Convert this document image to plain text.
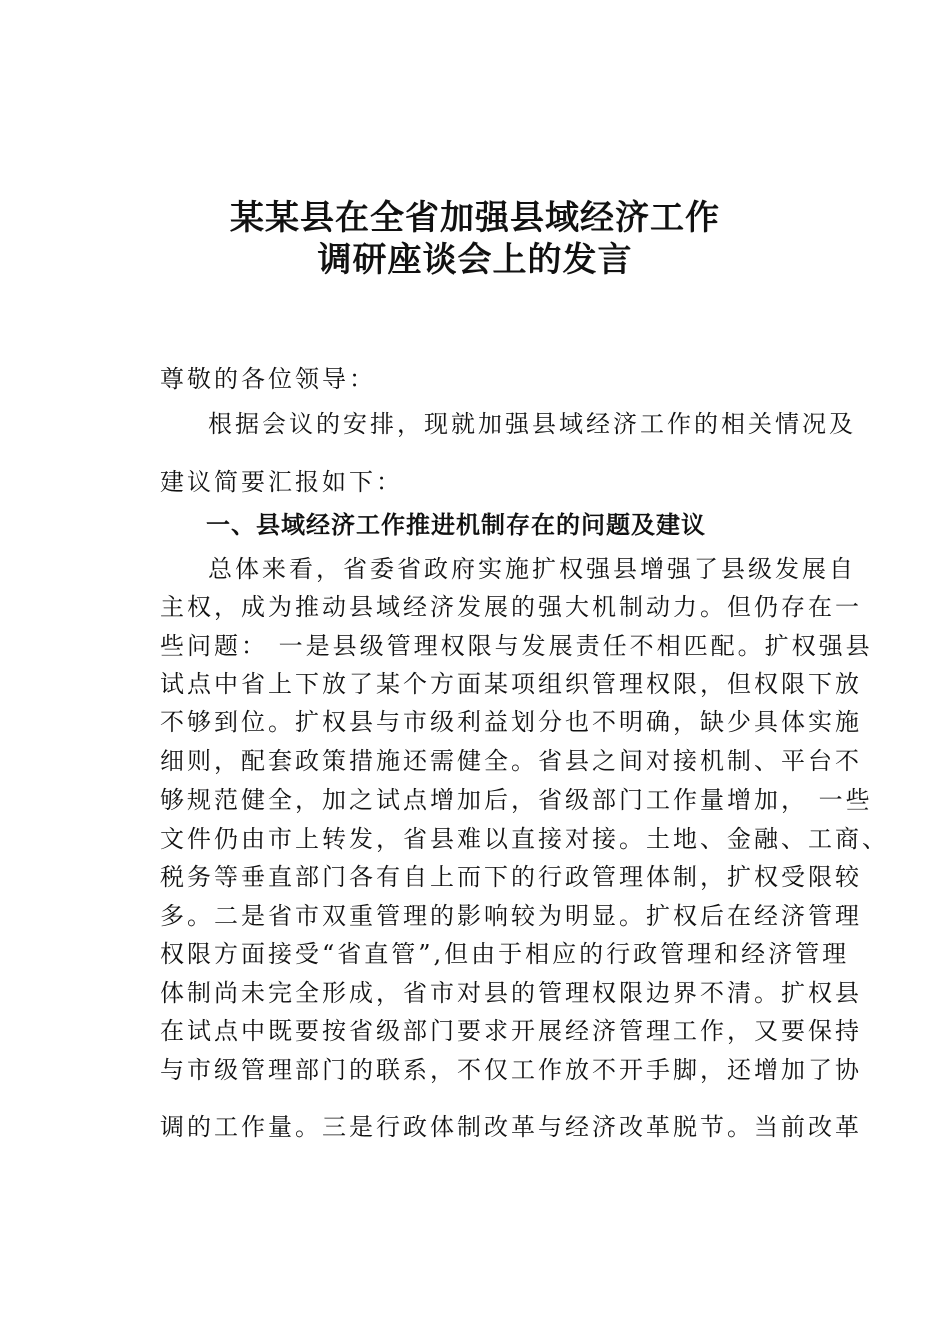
某某县在全省加强县域经济工作
调研座谈会上的发言
尊敬的各位领导：
根据会议的安排，现就加强县域经济工作的相关情况及
建议简要汇报如下：
一、县域经济工作推进机制存在的问题及建议
总体来看，省委省政府实施扩权强县增强了县级发展自
主权，成为推动县域经济发展的强大机制动力。但仍存在一
些问题： 一是县级管理权限与发展责任不相匹配。扩权强县
试点中省上下放了某个方面某项组织管理权限，但权限下放
不够到位。扩权县与市级利益划分也不明确，缺少具体实施
细则，配套政策措施还需健全。省县之间对接机制、平台不
够规范健全，加之试点增加后，省级部门工作量增加， 一些
文件仍由市上转发，省县难以直接对接。土地、金融、工商、
税务等垂直部门各有自上而下的行政管理体制，扩权受限较
多。二是省市双重管理的影响较为明显。扩权后在经济管理
权限方面接受“省直管”,但由于相应的行政管理和经济管理
体制尚未完全形成，省市对县的管理权限边界不清。扩权县
在试点中既要按省级部门要求开展经济管理工作，又要保持
与市级管理部门的联系，不仅工作放不开手脚，还增加了协
调的工作量。三是行政体制改革与经济改革脱节。当前改革
